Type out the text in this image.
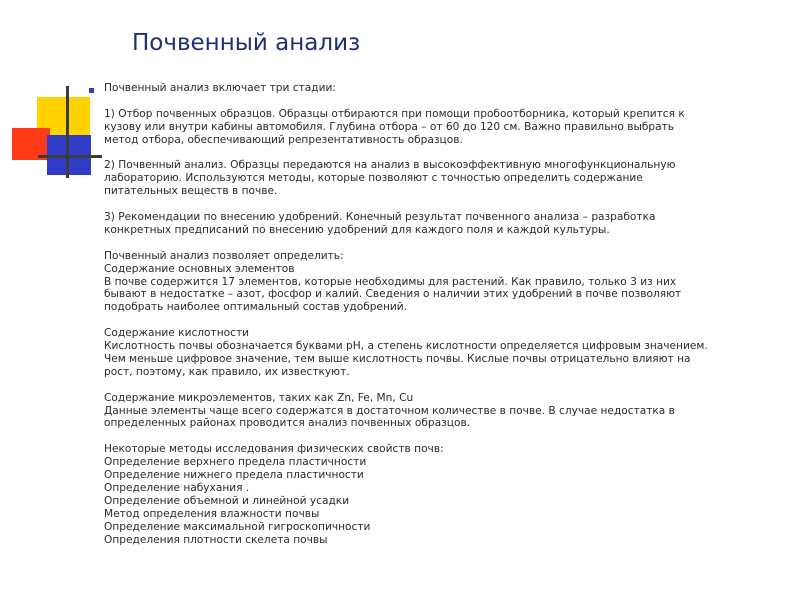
Почвенный анализ
Почвенный анализ включает три стадии:
1) Отбор почвенных образцов. Образцы отбираются при помощи пробоотборника, который крепится к
кузову или внутри кабины автомобиля. Глубина отбора – от 60 до 120 см. Важно правильно выбрать
метод отбора, обеспечивающий репрезентативность образцов.
2) Почвенный анализ. Образцы передаются на анализ в высокоэффективную многофункциональную
лабораторию. Используются методы, которые позволяют с точностью определить содержание
питательных веществ в почве.
3) Рекомендации по внесению удобрений. Конечный результат почвенного анализа – разработка
конкретных предписаний по внесению удобрений для каждого поля и каждой культуры.
Почвенный анализ позволяет определить:
Содержание основных элементов
В почве содержится 17 элементов, которые необходимы для растений. Как правило, только 3 из них
бывают в недостатке – азот, фосфор и калий. Сведения о наличии этих удобрений в почве позволяют
подобрать наиболее оптимальный состав удобрений.
Содержание кислотности
Кислотность почвы обозначается буквами pH, а степень кислотности определяется цифровым значением.
Чем меньше цифровое значение, тем выше кислотность почвы. Кислые почвы отрицательно влияют на
рост, поэтому, как правило, их известкуют.
Содержание микроэлементов, таких как Zn, Fe, Mn, Cu
Данные элементы чаще всего содержатся в достаточном количестве в почве. В случае недостатка в
определенных районах проводится анализ почвенных образцов.
Некоторые методы исследования физических свойств почв:
Определение верхнего предела пластичности
Определение нижнего предела пластичности
Определение набухания .
Определение объемной и линейной усадки
Метод определения влажности почвы
Определение максимальной гигроскопичности
Определения плотности скелета почвы
